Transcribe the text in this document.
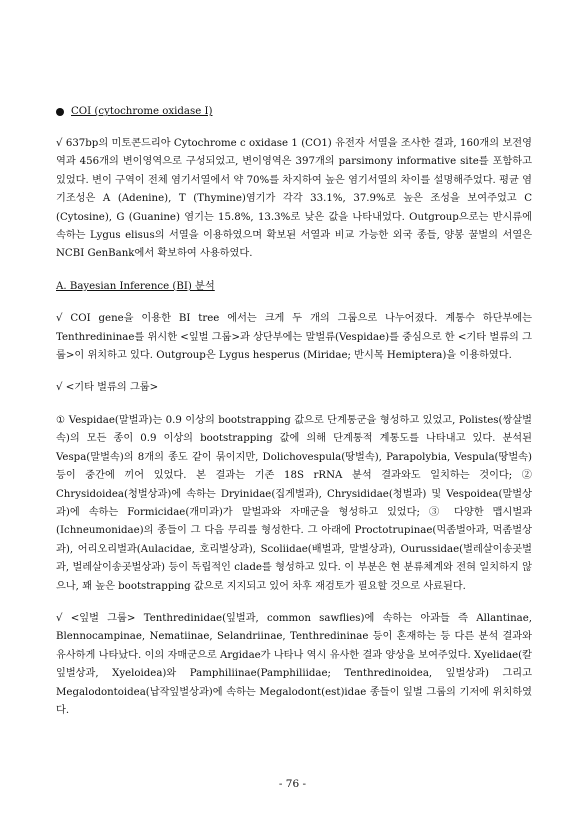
COI (cytochrome oxidase I)

√ 637bp의 미토콘드리아 Cytochrome c oxidase 1 (CO1) 유전자 서열을 조사한 결과, 160개의 보전영역과 456개의 변이영역으로 구성되었고, 변이영역은 397개의 parsimony informative site를 포함하고 있었다. 변이 구역이 전체 염기서열에서 약 70%를 차지하여 높은 염기서열의 차이를 설명해주었다. 평균 염기조성은 A (Adenine), T (Thymine)염기가 각각 33.1%, 37.9%로 높은 조성을 보여주었고 C (Cytosine), G (Guanine) 염기는 15.8%, 13.3%로 낮은 값을 나타내었다. Outgroup으로는 반시류에 속하는 Lygus elisus의 서열을 이용하였으며 확보된 서열과 비교 가능한 외국 종들, 양봉 꿀벌의 서열은 NCBI GenBank에서 확보하여 사용하였다.

A. Bayesian Inference (BI) 분석

√ COI gene을 이용한 BI tree 에서는 크게 두 개의 그룹으로 나누어졌다. 계통수 하단부에는 Tenthredininae를 위시한 <잎벌 그룹>과 상단부에는 말벌류(Vespidae)를 중심으로 한 <기타 벌류의 그룹>이 위치하고 있다. Outgroup은 Lygus hesperus (Miridae; 반시목 Hemiptera)을 이용하였다.

√ <기타 벌류의 그룹>

① Vespidae(말벌과)는 0.9 이상의 bootstrapping 값으로 단계통군을 형성하고 있었고, Polistes(쌍살벌속)의 모든 종이 0.9 이상의 bootstrapping 값에 의해 단계통적 계통도를 나타내고 있다. 분석된 Vespa(말벌속)의 8개의 종도 같이 묶이지만, Dolichovespula(땅벌속), Parapolybia, Vespula(땅벌속) 등이 중간에 끼어 있었다. 본 결과는 기존 18S rRNA 분석 결과와도 일치하는 것이다; ② Chrysidoidea(청벌상과)에 속하는 Dryinidae(집게벌과), Chrysididae(청벌과) 및 Vespoidea(말벌상과)에 속하는 Formicidae(개미과)가 말벌과와 자매군을 형성하고 있었다; ③ 다양한 맵시벌과(Ichneumonidae)의 종들이 그 다음 무리를 형성한다. 그 아래에 Proctotrupinae(먹좀벌아과, 먹좀벌상과), 어리오리벌과(Aulacidae, 호리벌상과), Scoliidae(배벌과, 말벌상과), Ourussidae(벌레살이송곳벌과, 벌레살이송곳벌상과) 등이 독립적인 clade를 형성하고 있다. 이 부분은 현 분류체계와 전혀 일치하지 않으나, 꽤 높은 bootstrapping 값으로 지지되고 있어 차후 재검토가 필요할 것으로 사료된다.

√ <잎벌 그룹> Tenthredinidae(잎벌과, common sawflies)에 속하는 아과들 즉 Allantinae, Blennocampinae, Nematiinae, Selandriinae, Tenthredininae 등이 혼재하는 등 다른 분석 결과와 유사하게 나타났다. 이의 자매군으로 Argidae가 나타나 역시 유사한 결과 양상을 보여주었다. Xyelidae(칼잎벌상과, Xyeloidea)와 Pamphiliinae(Pamphiliidae; Tenthredinoidea, 잎벌상과) 그리고 Megalodontoidea(납작잎벌상과)에 속하는 Megalodont(est)idae 종들이 잎벌 그룹의 기저에 위치하였다.

- 76 -
